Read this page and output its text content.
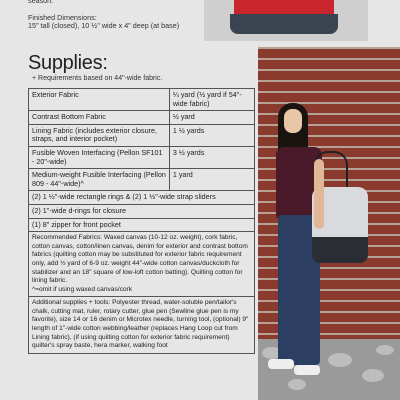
season.
Finished Dimensions:
15" tall (closed), 10 ½" wide x 4" deep (at base)
Supplies:
+ Requirements based on 44"-wide fabric.
Exterior Fabric	¼ yard (½ yard if 54"-wide fabric)
Contrast Bottom Fabric	½ yard
Lining Fabric (includes exterior closure, straps, and interior pocket)	1 ½ yards
Fusible Woven Interfacing (Pellon SF101 - 20"-wide)	3 ½ yards
Medium-weight Fusible Interfacing (Pellon 809 - 44"-wide)^	1 yard
(2) 1 ½"-wide rectangle rings & (2) 1 ½"-wide strap sliders	
(2) 1"-wide d-rings for closure	
(1) 8" zipper for front pocket	
Recommended Fabrics: Waxed canvas (10-12 oz. weight), cork fabric, cotton canvas, cotton/linen canvas, denim for exterior and contrast bottom fabrics (quilting cotton may be substituted for exterior fabric requirement only, add ½ yard of 6-9 oz. weight 44"-wide cotton canvas/duckcloth for stabilizer and an 18" square of low-loft cotton batting). Quilting cotton for lining fabric.
^=omit if using waxed canvas/cork	
Additional supplies + tools: Polyester thread, water-soluble pen/tailor's chalk, cutting mat, ruler, rotary cutter, glue pen (Sewline glue pen is my favorite), size 14 or 16 denim or Microtex needle, turning tool, (optional) 9" length of 1"-wide cotton webbing/leather (replaces Hang Loop cut from Lining fabric), (if using quilting cotton for exterior fabric requirement) quilter's spray baste, hera marker, walking foot	
